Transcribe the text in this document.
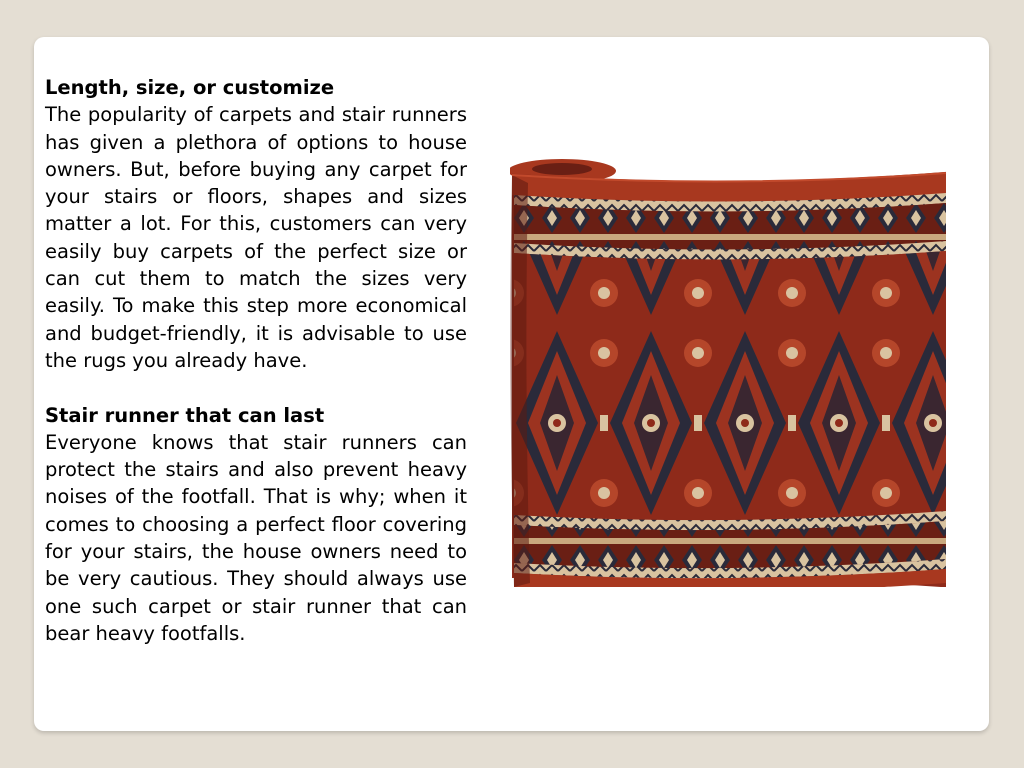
Length, size, or customize

The popularity of carpets and stair runners has given a plethora of options to house owners. But, before buying any carpet for your stairs or floors, shapes and sizes matter a lot. For this, customers can very easily buy carpets of the perfect size or can cut them to match the sizes very easily. To make this step more economical and budget-friendly, it is advisable to use the rugs you already have.

Stair runner that can last

Everyone knows that stair runners can protect the stairs and also prevent heavy noises of the footfall. That is why; when it comes to choosing a perfect floor covering for your stairs, the house owners need to be very cautious. They should always use one such carpet or stair runner that can bear heavy footfalls.
